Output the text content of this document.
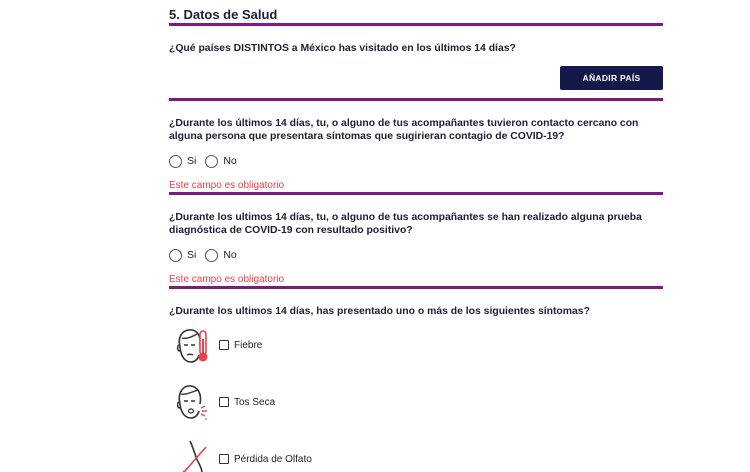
5. Datos de Salud
¿Qué países DISTINTOS a México has visitado en los últimos 14 días?
AÑADIR PAÍS
¿Durante los últimos 14 días, tu, o alguno de tus acompañantes tuvieron contacto cercano con alguna persona que presentara síntomas que sugirieran contagio de COVID-19?
Si	No
Este campo es obligatorio
¿Durante los ultimos 14 días, tu, o alguno de tus acompañantes se han realizado alguna prueba diagnóstica de COVID-19 con resultado positivo?
Si	No
Este campo es obligatorio
¿Durante los ultimos 14 días, has presentado uno o más de los siguientes síntomas?
Fiebre
Tos Seca
Pérdida de Olfato
